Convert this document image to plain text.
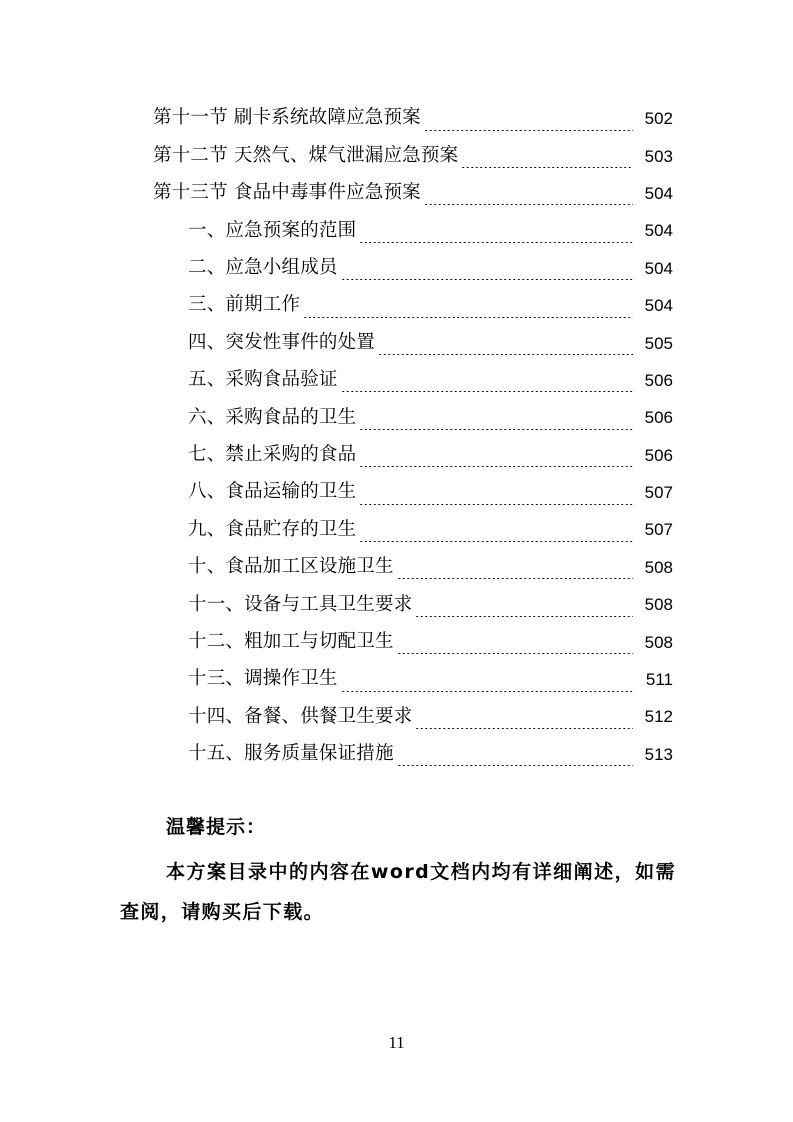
第十一节 刷卡系统故障应急预案	502
第十二节 天然气、煤气泄漏应急预案	503
第十三节 食品中毒事件应急预案	504
一、应急预案的范围	504
二、应急小组成员	504
三、前期工作	504
四、突发性事件的处置	505
五、采购食品验证	506
六、采购食品的卫生	506
七、禁止采购的食品	506
八、食品运输的卫生	507
九、食品贮存的卫生	507
十、食品加工区设施卫生	508
十一、设备与工具卫生要求	508
十二、粗加工与切配卫生	508
十三、调操作卫生	511
十四、备餐、供餐卫生要求	512
十五、服务质量保证措施	513
温馨提示：
本方案目录中的内容在word文档内均有详细阐述，如需查阅，请购买后下载。
11
